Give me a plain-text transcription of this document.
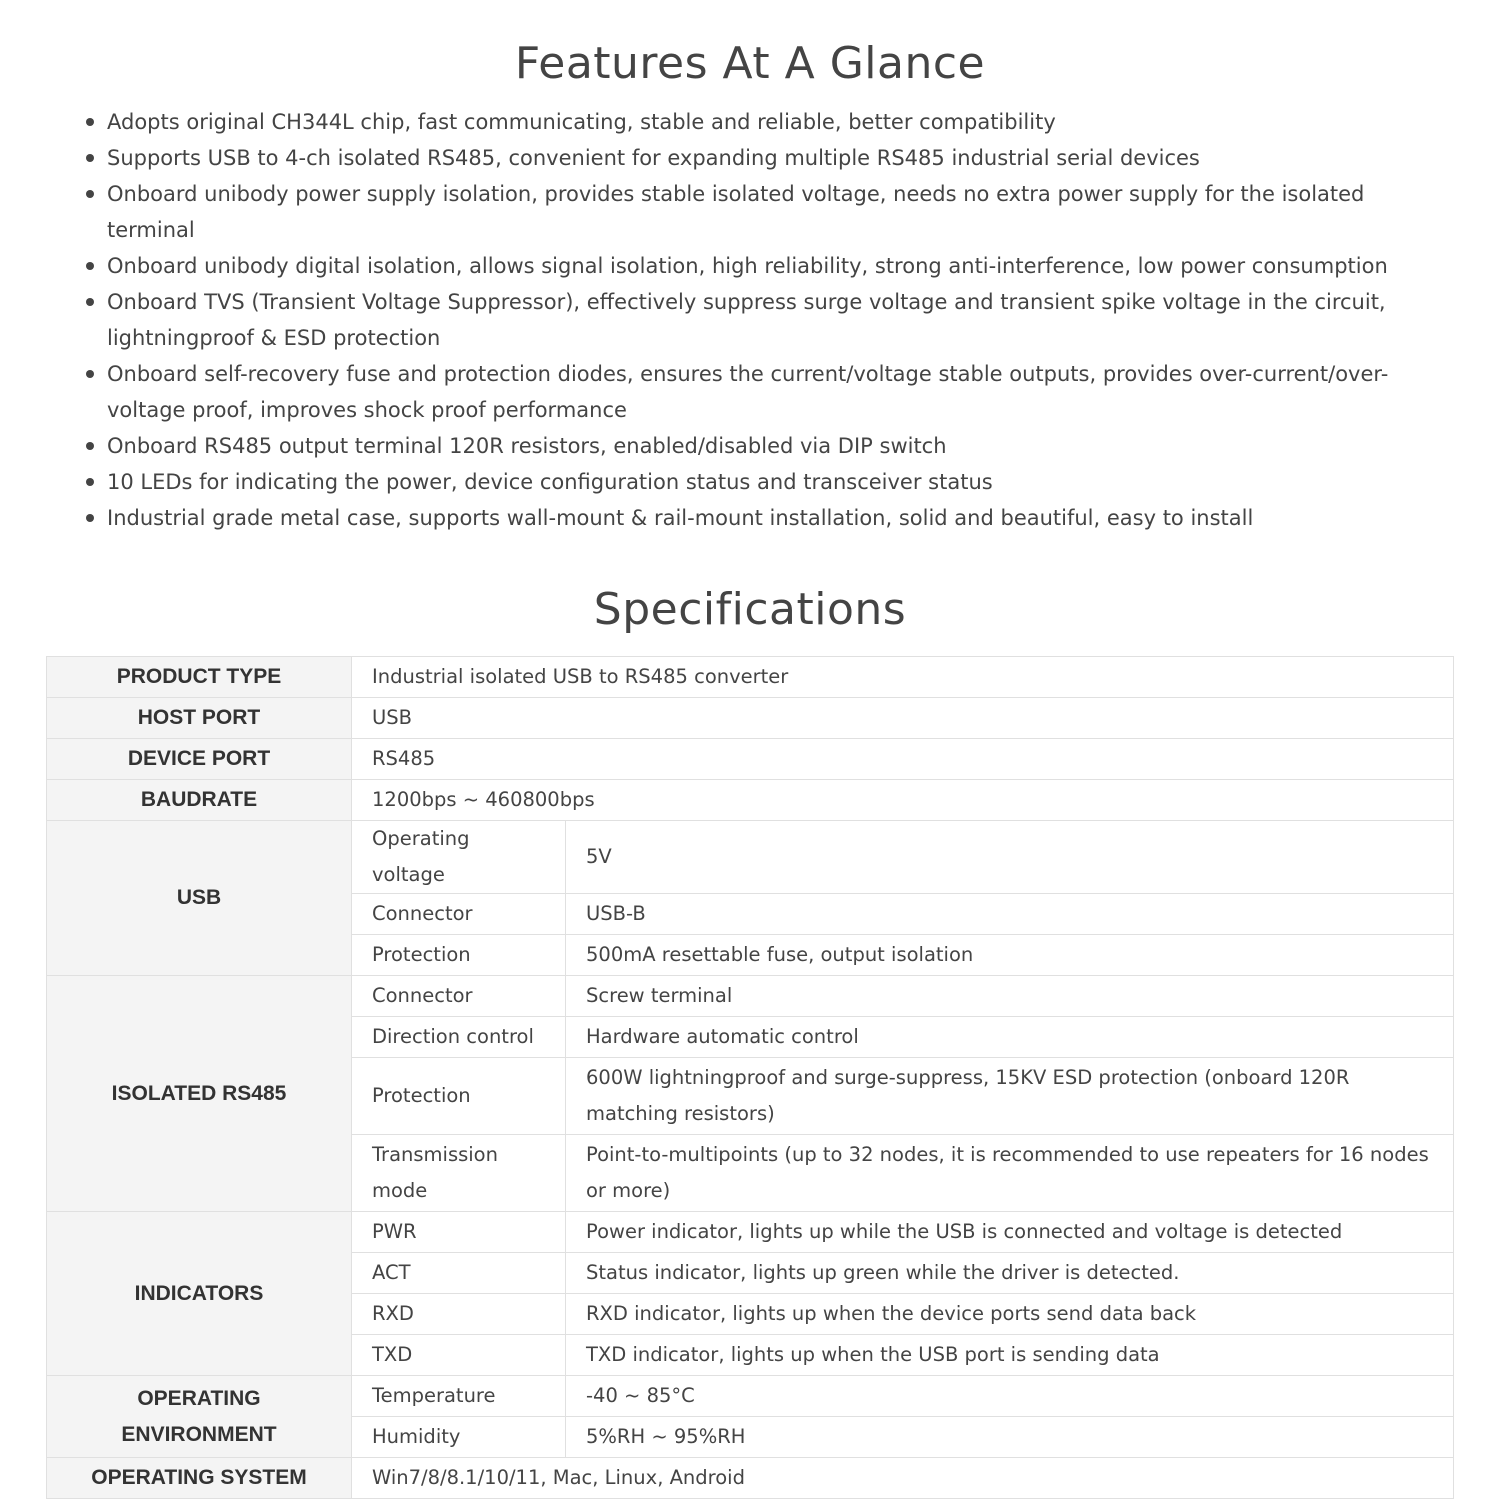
Features At A Glance
Adopts original CH344L chip, fast communicating, stable and reliable, better compatibility
Supports USB to 4-ch isolated RS485, convenient for expanding multiple RS485 industrial serial devices
Onboard unibody power supply isolation, provides stable isolated voltage, needs no extra power supply for the isolated terminal
Onboard unibody digital isolation, allows signal isolation, high reliability, strong anti-interference, low power consumption
Onboard TVS (Transient Voltage Suppressor), effectively suppress surge voltage and transient spike voltage in the circuit, lightningproof & ESD protection
Onboard self-recovery fuse and protection diodes, ensures the current/voltage stable outputs, provides over-current/over-voltage proof, improves shock proof performance
Onboard RS485 output terminal 120R resistors, enabled/disabled via DIP switch
10 LEDs for indicating the power, device configuration status and transceiver status
Industrial grade metal case, supports wall-mount & rail-mount installation, solid and beautiful, easy to install
Specifications
PRODUCT TYPE	Industrial isolated USB to RS485 converter	
HOST PORT	USB	
DEVICE PORT	RS485	
BAUDRATE	1200bps ~ 460800bps	
USB	Operating voltage	5V
	Connector	USB-B
	Protection	500mA resettable fuse, output isolation
ISOLATED RS485	Connector	Screw terminal
	Direction control	Hardware automatic control
	Protection	600W lightningproof and surge-suppress, 15KV ESD protection (onboard 120R matching resistors)
	Transmission mode	Point-to-multipoints (up to 32 nodes, it is recommended to use repeaters for 16 nodes or more)
INDICATORS	PWR	Power indicator, lights up while the USB is connected and voltage is detected
	ACT	Status indicator, lights up green while the driver is detected.
	RXD	RXD indicator, lights up when the device ports send data back
	TXD	TXD indicator, lights up when the USB port is sending data
OPERATING ENVIRONMENT	Temperature	-40 ~ 85°C
	Humidity	5%RH ~ 95%RH
OPERATING SYSTEM	Win7/8/8.1/10/11, Mac, Linux, Android	
